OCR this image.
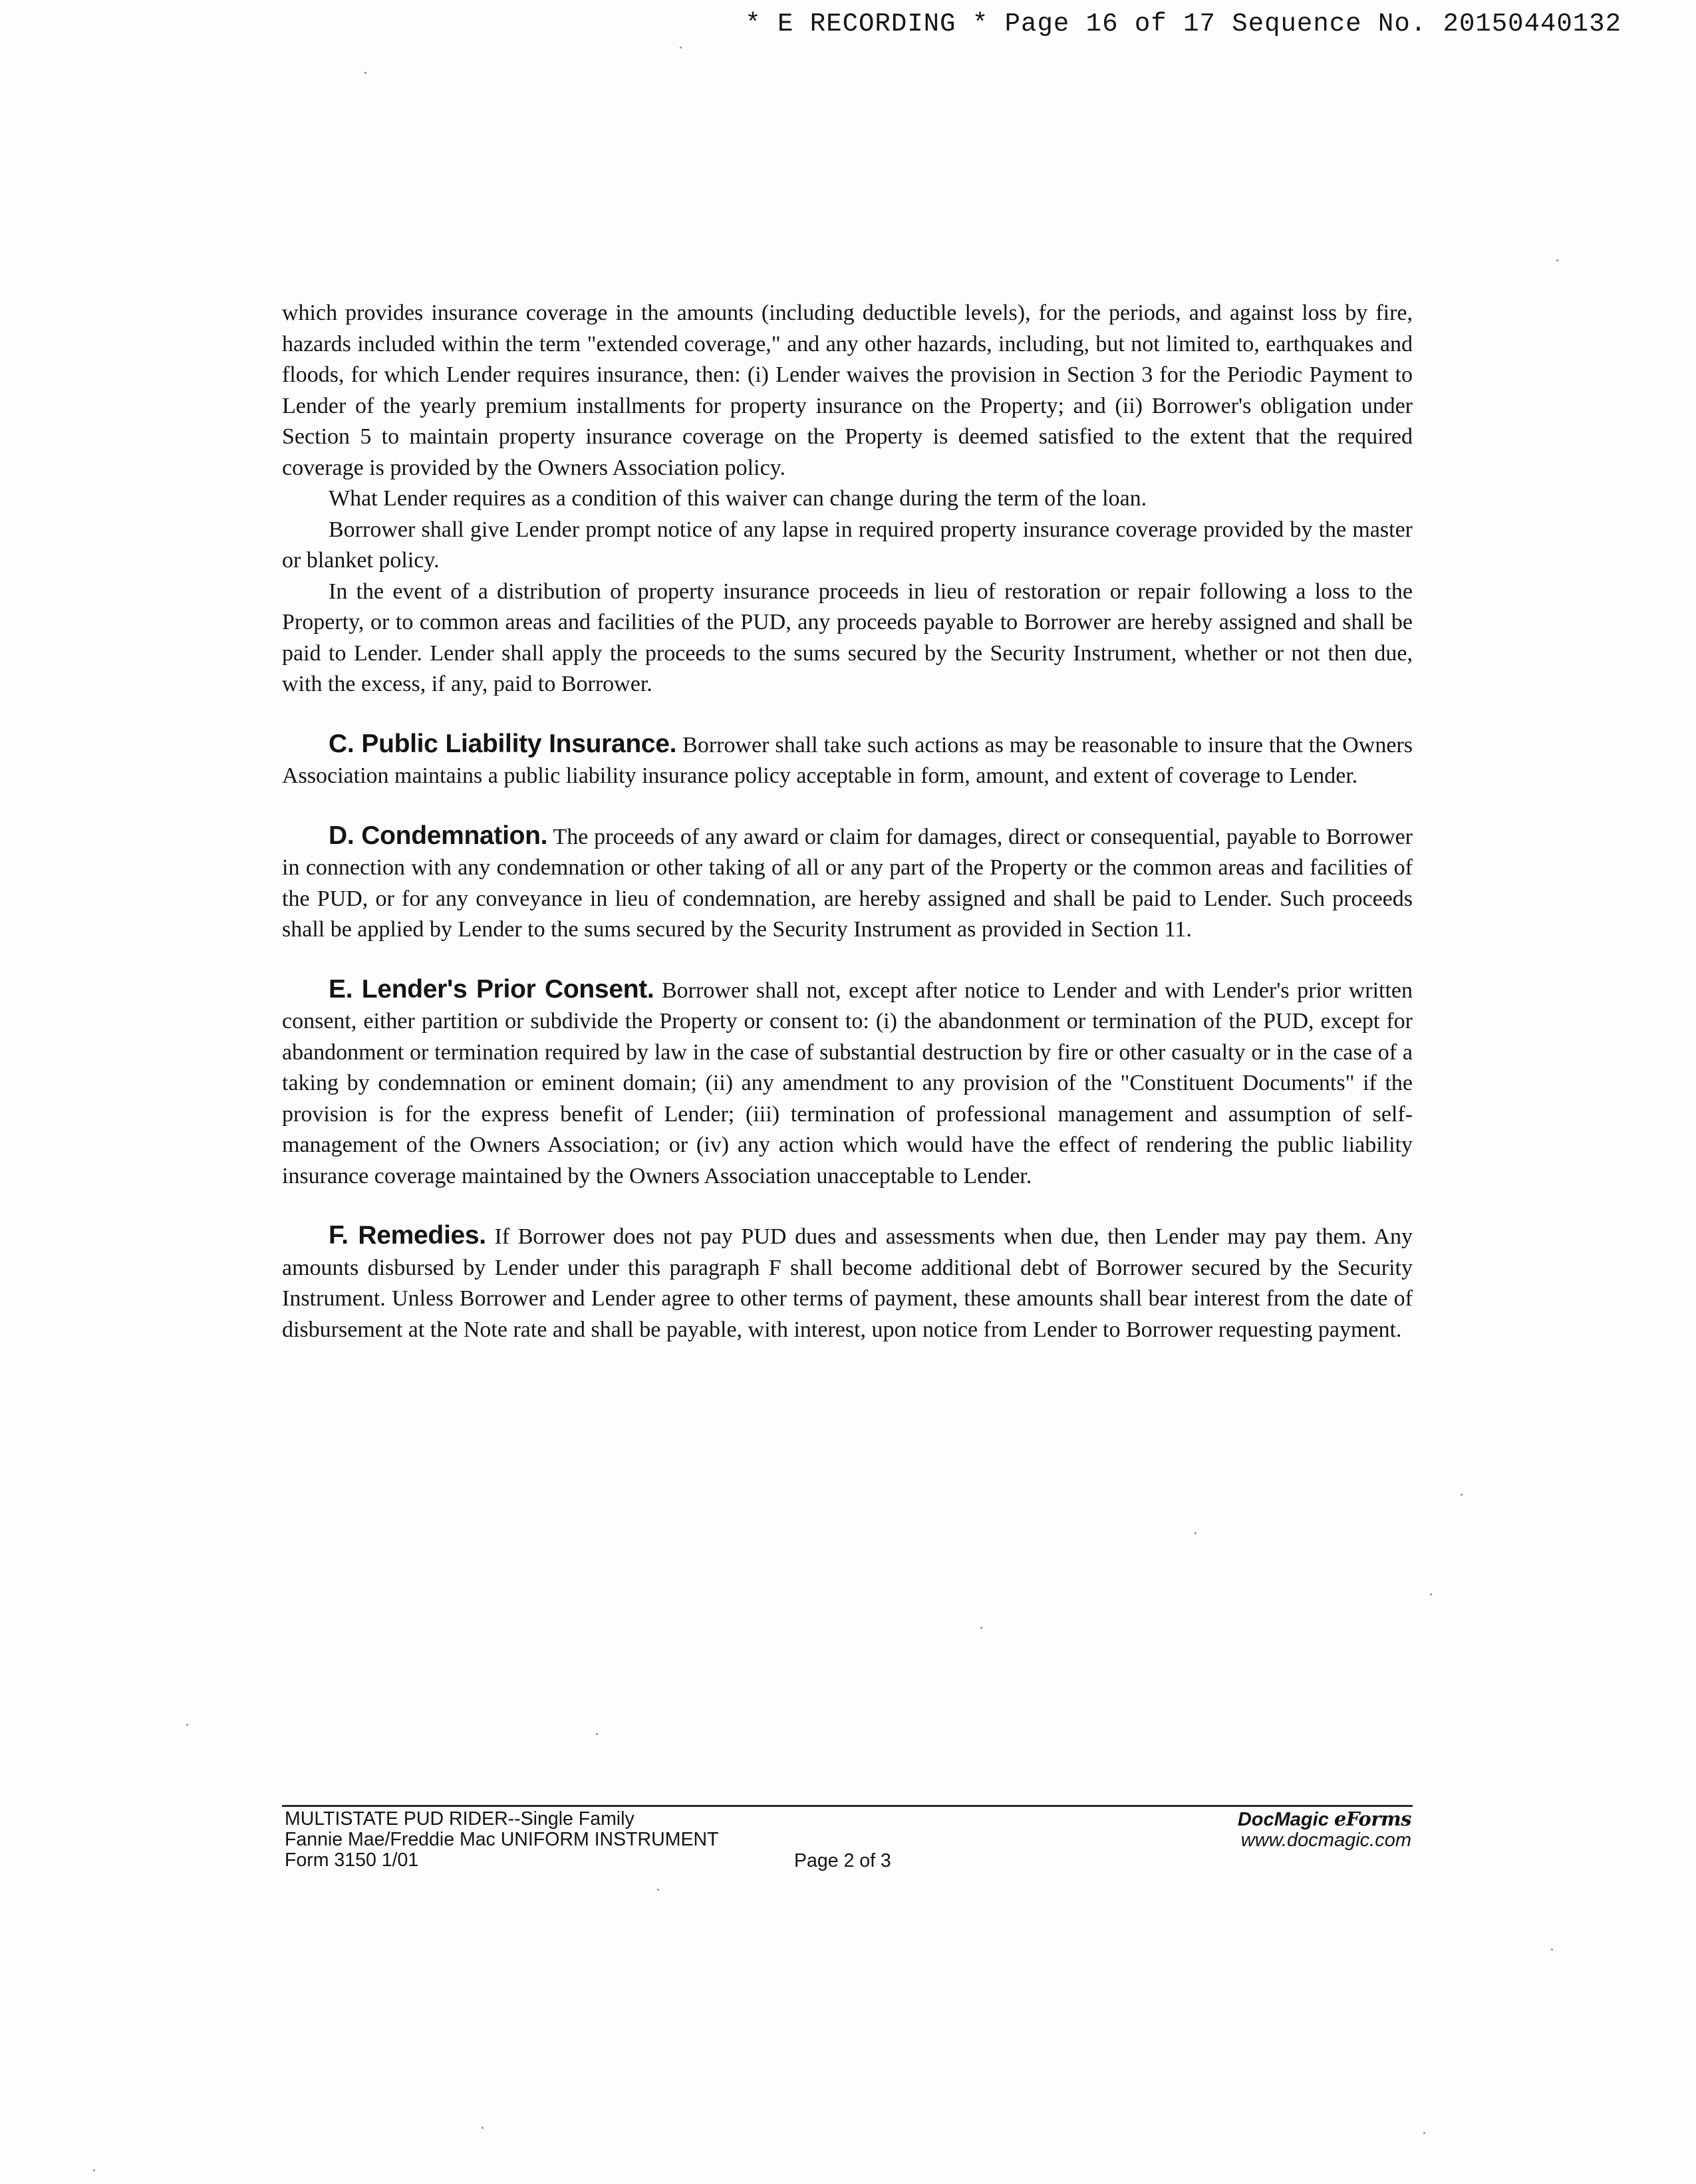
* E RECORDING * Page 16 of 17 Sequence No. 20150440132

which provides insurance coverage in the amounts (including deductible levels), for the periods, and against loss by fire, hazards included within the term "extended coverage," and any other hazards, including, but not limited to, earthquakes and floods, for which Lender requires insurance, then: (i) Lender waives the provision in Section 3 for the Periodic Payment to Lender of the yearly premium installments for property insurance on the Property; and (ii) Borrower's obligation under Section 5 to maintain property insurance coverage on the Property is deemed satisfied to the extent that the required coverage is provided by the Owners Association policy.

What Lender requires as a condition of this waiver can change during the term of the loan.

Borrower shall give Lender prompt notice of any lapse in required property insurance coverage provided by the master or blanket policy.

In the event of a distribution of property insurance proceeds in lieu of restoration or repair following a loss to the Property, or to common areas and facilities of the PUD, any proceeds payable to Borrower are hereby assigned and shall be paid to Lender. Lender shall apply the proceeds to the sums secured by the Security Instrument, whether or not then due, with the excess, if any, paid to Borrower.

C. Public Liability Insurance. Borrower shall take such actions as may be reasonable to insure that the Owners Association maintains a public liability insurance policy acceptable in form, amount, and extent of coverage to Lender.

D. Condemnation. The proceeds of any award or claim for damages, direct or consequential, payable to Borrower in connection with any condemnation or other taking of all or any part of the Property or the common areas and facilities of the PUD, or for any conveyance in lieu of condemnation, are hereby assigned and shall be paid to Lender. Such proceeds shall be applied by Lender to the sums secured by the Security Instrument as provided in Section 11.

E. Lender's Prior Consent. Borrower shall not, except after notice to Lender and with Lender's prior written consent, either partition or subdivide the Property or consent to: (i) the abandonment or termination of the PUD, except for abandonment or termination required by law in the case of substantial destruction by fire or other casualty or in the case of a taking by condemnation or eminent domain; (ii) any amendment to any provision of the "Constituent Documents" if the provision is for the express benefit of Lender; (iii) termination of professional management and assumption of self-management of the Owners Association; or (iv) any action which would have the effect of rendering the public liability insurance coverage maintained by the Owners Association unacceptable to Lender.

F. Remedies. If Borrower does not pay PUD dues and assessments when due, then Lender may pay them. Any amounts disbursed by Lender under this paragraph F shall become additional debt of Borrower secured by the Security Instrument. Unless Borrower and Lender agree to other terms of payment, these amounts shall bear interest from the date of disbursement at the Note rate and shall be payable, with interest, upon notice from Lender to Borrower requesting payment.

MULTISTATE PUD RIDER--Single Family
Fannie Mae/Freddie Mac UNIFORM INSTRUMENT
Form 3150 1/01	Page 2 of 3
DocMagic eForms
www.docmagic.com
